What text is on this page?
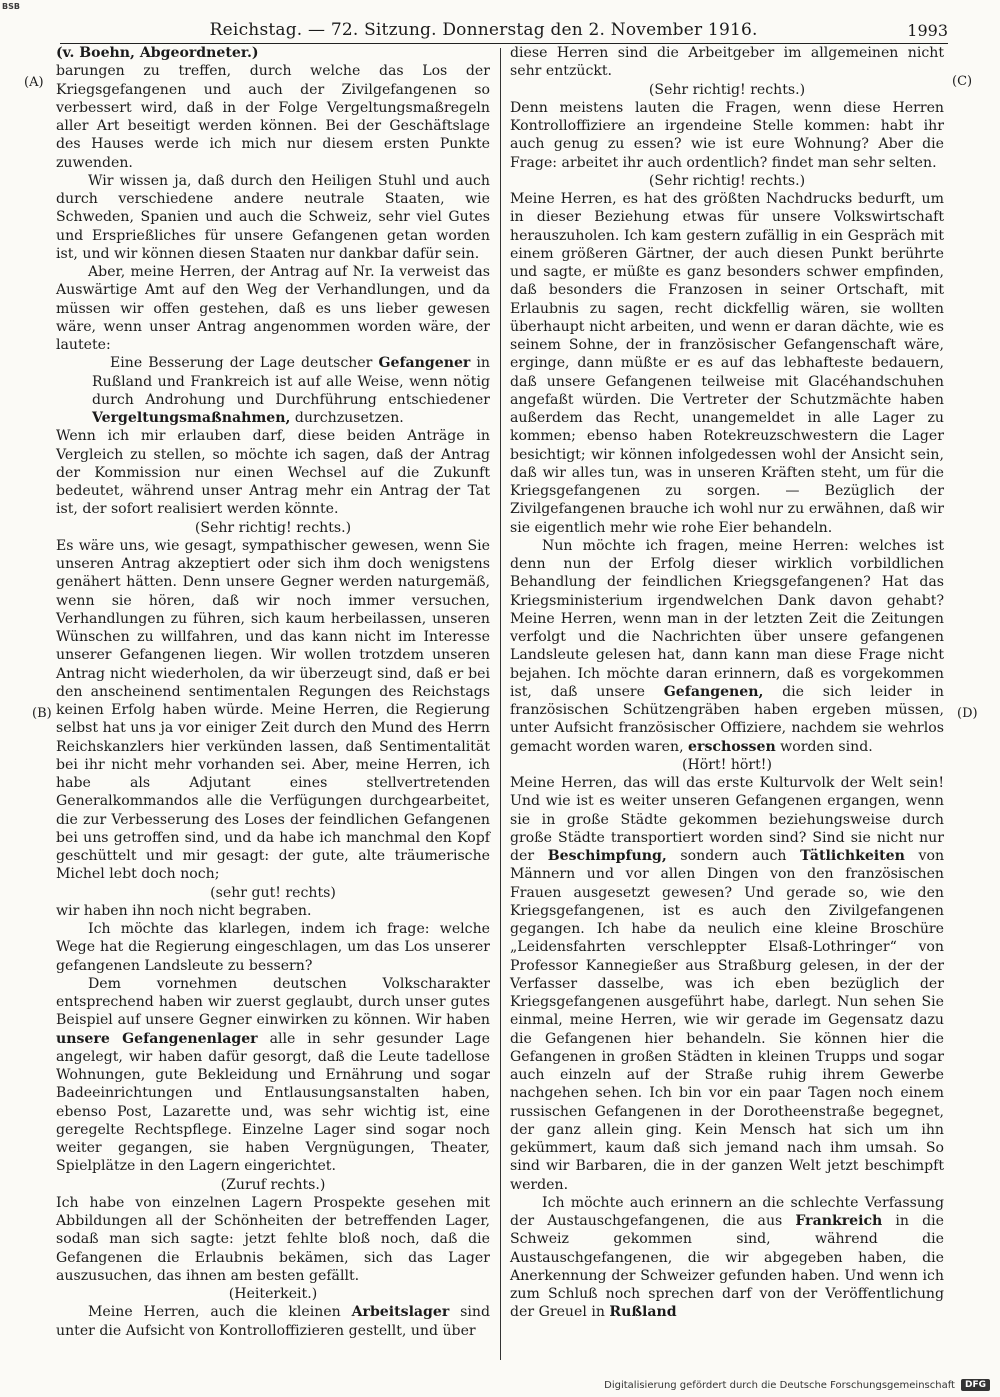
BSB
Reichstag. — 72. Sitzung. Donnerstag den 2. November 1916.	1993
(A)
(B)
(C)
(D)

(v. Boehn, Abgeordneter.)

barungen zu treffen, durch welche das Los der Kriegsgefangenen und auch der Zivilgefangenen so verbessert wird, daß in der Folge Vergeltungsmaßregeln aller Art beseitigt werden können. Bei der Geschäftslage des Hauses werde ich mich nur diesem ersten Punkte zuwenden.

Wir wissen ja, daß durch den Heiligen Stuhl und auch durch verschiedene andere neutrale Staaten, wie Schweden, Spanien und auch die Schweiz, sehr viel Gutes und Ersprießliches für unsere Gefangenen getan worden ist, und wir können diesen Staaten nur dankbar dafür sein.

Aber, meine Herren, der Antrag auf Nr. Ia verweist das Auswärtige Amt auf den Weg der Verhandlungen, und da müssen wir offen gestehen, daß es uns lieber gewesen wäre, wenn unser Antrag angenommen worden wäre, der lautete:

Eine Besserung der Lage deutscher Gefangener in Rußland und Frankreich ist auf alle Weise, wenn nötig durch Androhung und Durchführung entschiedener Vergeltungsmaßnahmen, durchzusetzen.

Wenn ich mir erlauben darf, diese beiden Anträge in Vergleich zu stellen, so möchte ich sagen, daß der Antrag der Kommission nur einen Wechsel auf die Zukunft bedeutet, während unser Antrag mehr ein Antrag der Tat ist, der sofort realisiert werden könnte.

(Sehr richtig! rechts.)

Es wäre uns, wie gesagt, sympathischer gewesen, wenn Sie unseren Antrag akzeptiert oder sich ihm doch wenigstens genähert hätten. Denn unsere Gegner werden naturgemäß, wenn sie hören, daß wir noch immer versuchen, Verhandlungen zu führen, sich kaum herbeilassen, unseren Wünschen zu willfahren, und das kann nicht im Interesse unserer Gefangenen liegen. Wir wollen trotzdem unseren Antrag nicht wiederholen, da wir überzeugt sind, daß er bei den anscheinend sentimentalen Regungen des Reichstags keinen Erfolg haben würde. Meine Herren, die Regierung selbst hat uns ja vor einiger Zeit durch den Mund des Herrn Reichskanzlers hier verkünden lassen, daß Sentimentalität bei ihr nicht mehr vorhanden sei. Aber, meine Herren, ich habe als Adjutant eines stellvertretenden Generalkommandos alle die Verfügungen durchgearbeitet, die zur Verbesserung des Loses der feindlichen Gefangenen bei uns getroffen sind, und da habe ich manchmal den Kopf geschüttelt und mir gesagt: der gute, alte träumerische Michel lebt doch noch;

(sehr gut! rechts)

wir haben ihn noch nicht begraben.

Ich möchte das klarlegen, indem ich frage: welche Wege hat die Regierung eingeschlagen, um das Los unserer gefangenen Landsleute zu bessern?

Dem vornehmen deutschen Volkscharakter entsprechend haben wir zuerst geglaubt, durch unser gutes Beispiel auf unsere Gegner einwirken zu können. Wir haben unsere Gefangenenlager alle in sehr gesunder Lage angelegt, wir haben dafür gesorgt, daß die Leute tadellose Wohnungen, gute Bekleidung und Ernährung und sogar Badeeinrichtungen und Entlausungsanstalten haben, ebenso Post, Lazarette und, was sehr wichtig ist, eine geregelte Rechtspflege. Einzelne Lager sind sogar noch weiter gegangen, sie haben Vergnügungen, Theater, Spielplätze in den Lagern eingerichtet.

(Zuruf rechts.)

Ich habe von einzelnen Lagern Prospekte gesehen mit Abbildungen all der Schönheiten der betreffenden Lager, sodaß man sich sagte: jetzt fehlte bloß noch, daß die Gefangenen die Erlaubnis bekämen, sich das Lager auszusuchen, das ihnen am besten gefällt.

(Heiterkeit.)

Meine Herren, auch die kleinen Arbeitslager sind unter die Aufsicht von Kontrolloffizieren gestellt, und über

diese Herren sind die Arbeitgeber im allgemeinen nicht sehr entzückt.

(Sehr richtig! rechts.)

Denn meistens lauten die Fragen, wenn diese Herren Kontrolloffiziere an irgendeine Stelle kommen: habt ihr auch genug zu essen? wie ist eure Wohnung? Aber die Frage: arbeitet ihr auch ordentlich? findet man sehr selten.

(Sehr richtig! rechts.)

Meine Herren, es hat des größten Nachdrucks bedurft, um in dieser Beziehung etwas für unsere Volkswirtschaft herauszuholen. Ich kam gestern zufällig in ein Gespräch mit einem größeren Gärtner, der auch diesen Punkt berührte und sagte, er müßte es ganz besonders schwer empfinden, daß besonders die Franzosen in seiner Ortschaft, mit Erlaubnis zu sagen, recht dickfellig wären, sie wollten überhaupt nicht arbeiten, und wenn er daran dächte, wie es seinem Sohne, der in französischer Gefangenschaft wäre, erginge, dann müßte er es auf das lebhafteste bedauern, daß unsere Gefangenen teilweise mit Glacéhandschuhen angefaßt würden. Die Vertreter der Schutzmächte haben außerdem das Recht, unangemeldet in alle Lager zu kommen; ebenso haben Rotekreuzschwestern die Lager besichtigt; wir können infolgedessen wohl der Ansicht sein, daß wir alles tun, was in unseren Kräften steht, um für die Kriegsgefangenen zu sorgen. — Bezüglich der Zivilgefangenen brauche ich wohl nur zu erwähnen, daß wir sie eigentlich mehr wie rohe Eier behandeln.

Nun möchte ich fragen, meine Herren: welches ist denn nun der Erfolg dieser wirklich vorbildlichen Behandlung der feindlichen Kriegsgefangenen? Hat das Kriegsministerium irgendwelchen Dank davon gehabt? Meine Herren, wenn man in der letzten Zeit die Zeitungen verfolgt und die Nachrichten über unsere gefangenen Landsleute gelesen hat, dann kann man diese Frage nicht bejahen. Ich möchte daran erinnern, daß es vorgekommen ist, daß unsere Gefangenen, die sich leider in französischen Schützengräben haben ergeben müssen, unter Aufsicht französischer Offiziere, nachdem sie wehrlos gemacht worden waren, erschossen worden sind.

(Hört! hört!)

Meine Herren, das will das erste Kulturvolk der Welt sein! Und wie ist es weiter unseren Gefangenen ergangen, wenn sie in große Städte gekommen beziehungsweise durch große Städte transportiert worden sind? Sind sie nicht nur der Beschimpfung, sondern auch Tätlichkeiten von Männern und vor allen Dingen von den französischen Frauen ausgesetzt gewesen? Und gerade so, wie den Kriegsgefangenen, ist es auch den Zivilgefangenen gegangen. Ich habe da neulich eine kleine Broschüre „Leidensfahrten verschleppter Elsaß-Lothringer“ von Professor Kannegießer aus Straßburg gelesen, in der der Verfasser dasselbe, was ich eben bezüglich der Kriegsgefangenen ausgeführt habe, darlegt. Nun sehen Sie einmal, meine Herren, wie wir gerade im Gegensatz dazu die Gefangenen hier behandeln. Sie können hier die Gefangenen in großen Städten in kleinen Trupps und sogar auch einzeln auf der Straße ruhig ihrem Gewerbe nachgehen sehen. Ich bin vor ein paar Tagen noch einem russischen Gefangenen in der Dorotheenstraße begegnet, der ganz allein ging. Kein Mensch hat sich um ihn gekümmert, kaum daß sich jemand nach ihm umsah. So sind wir Barbaren, die in der ganzen Welt jetzt beschimpft werden.

Ich möchte auch erinnern an die schlechte Verfassung der Austauschgefangenen, die aus Frankreich in die Schweiz gekommen sind, während die Austauschgefangenen, die wir abgegeben haben, die Anerkennung der Schweizer gefunden haben. Und wenn ich zum Schluß noch sprechen darf von der Veröffentlichung der Greuel in Rußland

Digitalisierung gefördert durch die Deutsche Forschungsgemeinschaft	DFG
